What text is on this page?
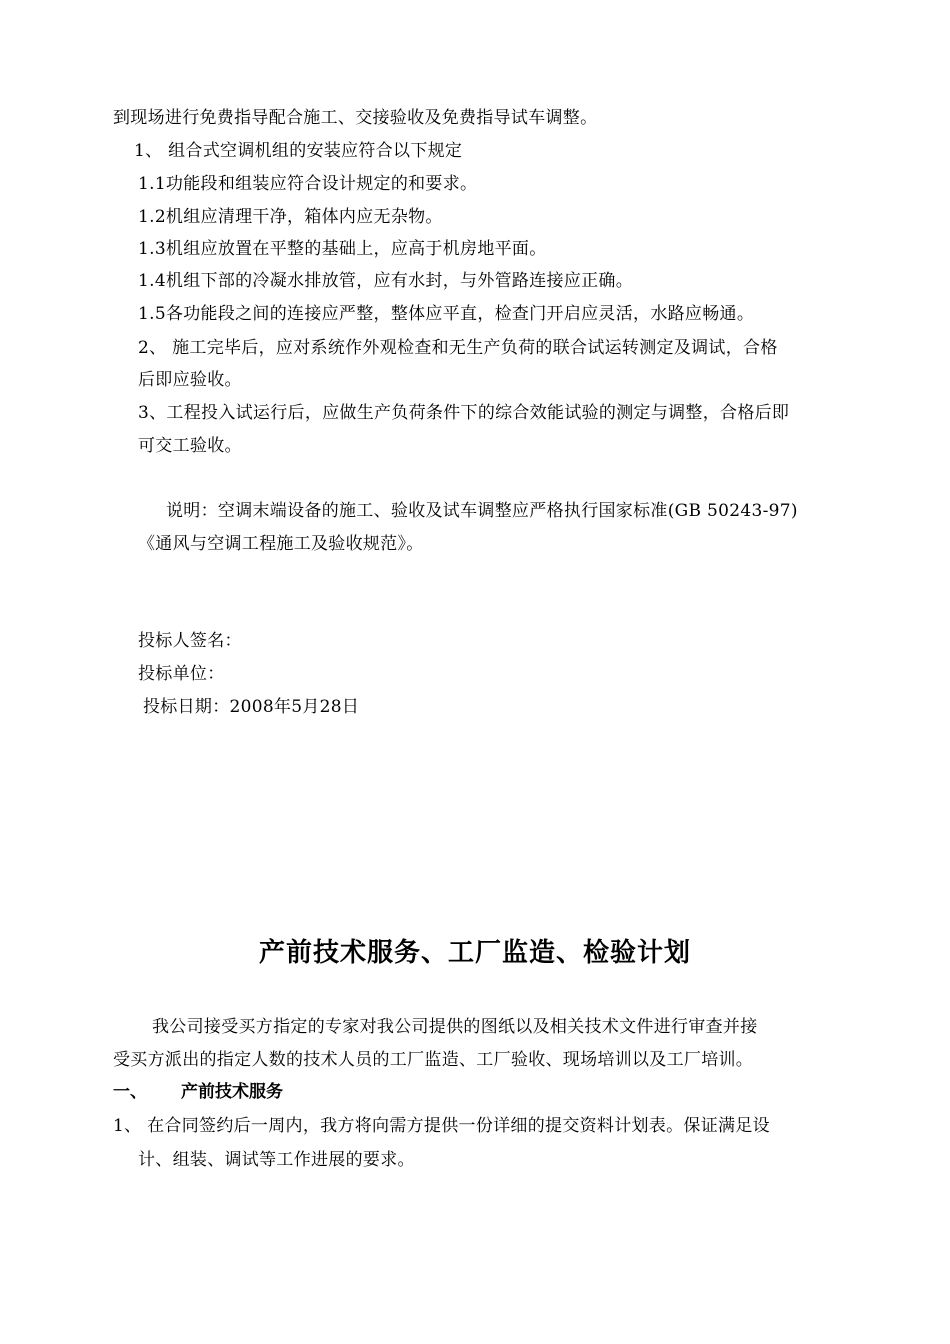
到现场进行免费指导配合施工、交接验收及免费指导试车调整。
1、 组合式空调机组的安装应符合以下规定
1.1功能段和组装应符合设计规定的和要求。
1.2机组应清理干净，箱体内应无杂物。
1.3机组应放置在平整的基础上，应高于机房地平面。
1.4机组下部的冷凝水排放管，应有水封，与外管路连接应正确。
1.5各功能段之间的连接应严整，整体应平直，检查门开启应灵活，水路应畅通。
2、 施工完毕后，应对系统作外观检查和无生产负荷的联合试运转测定及调试，合格
后即应验收。
3、工程投入试运行后，应做生产负荷条件下的综合效能试验的测定与调整，合格后即
可交工验收。
说明：空调末端设备的施工、验收及试车调整应严格执行国家标准(GB 50243-97)
《通风与空调工程施工及验收规范》。
投标人签名：
投标单位：
投标日期：2008年5月28日
产前技术服务、工厂监造、检验计划
我公司接受买方指定的专家对我公司提供的图纸以及相关技术文件进行审查并接
受买方派出的指定人数的技术人员的工厂监造、工厂验收、现场培训以及工厂培训。
一、 产前技术服务
1、 在合同签约后一周内，我方将向需方提供一份详细的提交资料计划表。保证满足设
计、组装、调试等工作进展的要求。
